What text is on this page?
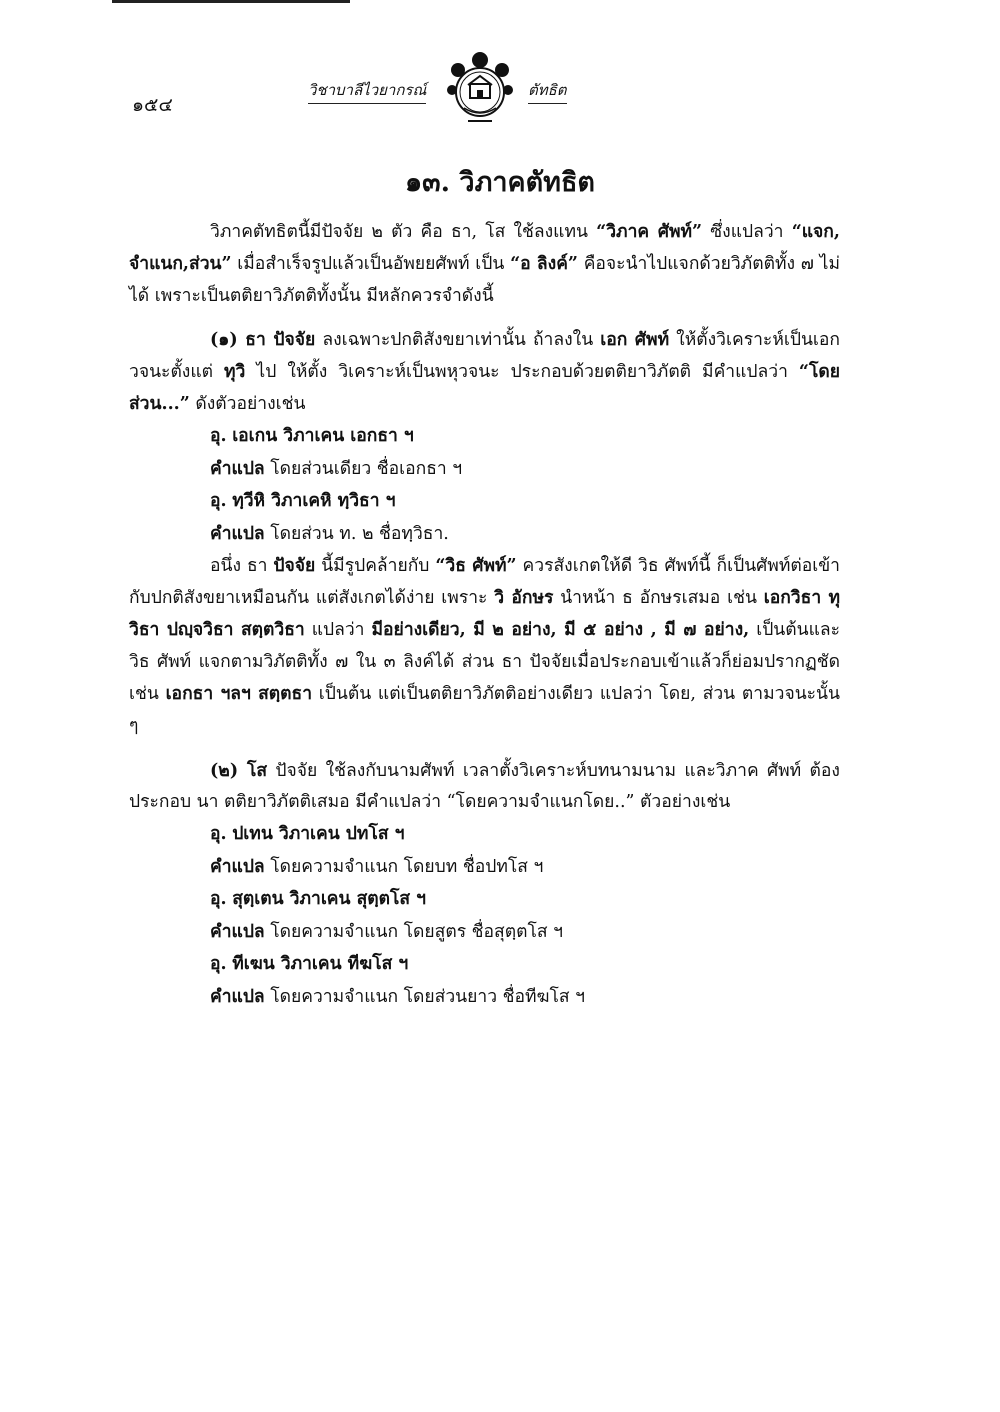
๑๕๔
วิชาบาลีไวยากรณ์	ตัทธิต
๑๓. วิภาคตัทธิต

วิภาคตัทธิตนี้มีปัจจัย ๒ ตัว คือ ธา, โส ใช้ลงแทน “วิภาค ศัพท์” ซึ่งแปลว่า “แจก, จำแนก,ส่วน” เมื่อสำเร็จรูปแล้วเป็นอัพยยศัพท์ เป็น “อ ลิงค์” คือจะนำไปแจกด้วยวิภัตติทั้ง ๗ ไม่ได้ เพราะเป็นตติยาวิภัตติทั้งนั้น มีหลักควรจำดังนี้

(๑) ธา ปัจจัย ลงเฉพาะปกติสังขยาเท่านั้น ถ้าลงใน เอก ศัพท์ ให้ตั้งวิเคราะห์เป็นเอกวจนะตั้งแต่ ทุวิ ไป ให้ตั้ง วิเคราะห์เป็นพหุวจนะ ประกอบด้วยตติยาวิภัตติ มีคำแปลว่า “โดยส่วน...” ดังตัวอย่างเช่น

อุ. เอเกน วิภาเคน เอกธา ฯ

คำแปล โดยส่วนเดียว ชื่อเอกธา ฯ

อุ. ทฺวีหิ วิภาเคหิ ทฺวิธา ฯ

คำแปล โดยส่วน ท. ๒ ชื่อทฺวิธา.

อนึ่ง ธา ปัจจัย นี้มีรูปคล้ายกับ “วิธ ศัพท์” ควรสังเกตให้ดี วิธ ศัพท์นี้ ก็เป็นศัพท์ต่อเข้ากับปกติสังขยาเหมือนกัน แต่สังเกตได้ง่าย เพราะ วิ อักษร นำหน้า ธ อักษรเสมอ เช่น เอกวิธา ทุวิธา ปญฺจวิธา สตฺตวิธา แปลว่า มีอย่างเดียว, มี ๒ อย่าง, มี ๕ อย่าง , มี ๗ อย่าง, เป็นต้นและ วิธ ศัพท์ แจกตามวิภัตติทั้ง ๗ ใน ๓ ลิงค์ได้ ส่วน ธา ปัจจัยเมื่อประกอบเข้าแล้วก็ย่อมปรากฏชัด เช่น เอกธา ฯลฯ สตฺตธา เป็นต้น แต่เป็นตติยาวิภัตติอย่างเดียว แปลว่า โดย, ส่วน ตามวจนะนั้น ๆ

(๒) โส ปัจจัย ใช้ลงกับนามศัพท์ เวลาตั้งวิเคราะห์บทนามนาม และวิภาค ศัพท์ ต้องประกอบ นา ตติยาวิภัตติเสมอ มีคำแปลว่า “โดยความจำแนกโดย..” ตัวอย่างเช่น

อุ. ปเทน วิภาเคน ปทโส ฯ

คำแปล โดยความจำแนก โดยบท ชื่อปทโส ฯ

อุ. สุตฺเตน วิภาเคน สุตฺตโส ฯ

คำแปล โดยความจำแนก โดยสูตร ชื่อสุตฺตโส ฯ

อุ. ทีเฆน วิภาเคน ทีฆโส ฯ

คำแปล โดยความจำแนก โดยส่วนยาว ชื่อทีฆโส ฯ
